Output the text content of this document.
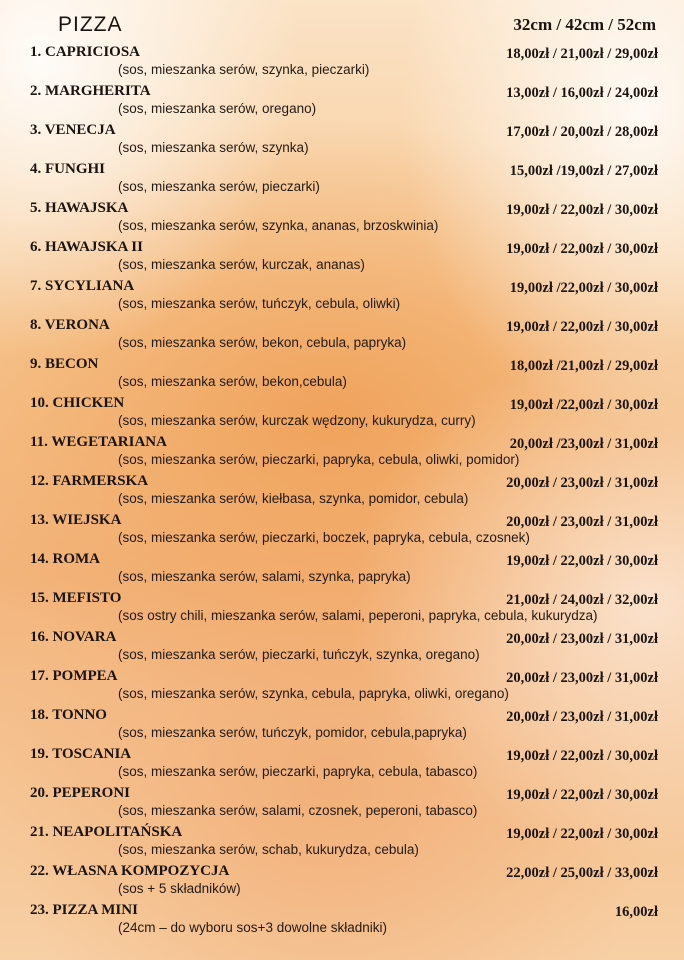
PIZZA	32cm / 42cm / 52cm
1. CAPRICIOSA
(sos, mieszanka serów, szynka, pieczarki)
18,00zł / 21,00zł / 29,00zł
2. MARGHERITA
(sos, mieszanka serów, oregano)
13,00zł / 16,00zł / 24,00zł
3. VENECJA
(sos, mieszanka serów, szynka)
17,00zł / 20,00zł / 28,00zł
4. FUNGHI
(sos, mieszanka serów, pieczarki)
15,00zł /19,00zł / 27,00zł
5. HAWAJSKA
(sos, mieszanka serów, szynka, ananas, brzoskwinia)
19,00zł / 22,00zł / 30,00zł
6. HAWAJSKA II
(sos, mieszanka serów, kurczak, ananas)
19,00zł / 22,00zł / 30,00zł
7. SYCYLIANA
(sos, mieszanka serów, tuńczyk, cebula, oliwki)
19,00zł /22,00zł / 30,00zł
8. VERONA
(sos, mieszanka serów, bekon, cebula, papryka)
19,00zł / 22,00zł / 30,00zł
9. BECON
(sos, mieszanka serów, bekon,cebula)
18,00zł /21,00zł / 29,00zł
10. CHICKEN
(sos, mieszanka serów, kurczak wędzony, kukurydza, curry)
19,00zł /22,00zł / 30,00zł
11. WEGETARIANA
(sos, mieszanka serów, pieczarki, papryka, cebula, oliwki, pomidor)
20,00zł /23,00zł / 31,00zł
12. FARMERSKA
(sos, mieszanka serów, kiełbasa, szynka, pomidor, cebula)
20,00zł / 23,00zł / 31,00zł
13. WIEJSKA
(sos, mieszanka serów, pieczarki, boczek, papryka, cebula, czosnek)
20,00zł / 23,00zł / 31,00zł
14. ROMA
(sos, mieszanka serów, salami, szynka, papryka)
19,00zł / 22,00zł / 30,00zł
15. MEFISTO
(sos ostry chili, mieszanka serów, salami, peperoni, papryka, cebula, kukurydza)
21,00zł / 24,00zł / 32,00zł
16. NOVARA
(sos, mieszanka serów, pieczarki, tuńczyk, szynka, oregano)
20,00zł / 23,00zł / 31,00zł
17. POMPEA
(sos, mieszanka serów, szynka, cebula, papryka, oliwki, oregano)
20,00zł / 23,00zł / 31,00zł
18. TONNO
(sos, mieszanka serów, tuńczyk, pomidor, cebula,papryka)
20,00zł / 23,00zł / 31,00zł
19. TOSCANIA
(sos, mieszanka serów, pieczarki, papryka, cebula, tabasco)
19,00zł / 22,00zł / 30,00zł
20. PEPERONI
(sos, mieszanka serów, salami, czosnek, peperoni, tabasco)
19,00zł / 22,00zł / 30,00zł
21. NEAPOLITAŃSKA
(sos, mieszanka serów, schab, kukurydza, cebula)
19,00zł / 22,00zł / 30,00zł
22. WŁASNA KOMPOZYCJA
(sos + 5 składników)
22,00zł / 25,00zł / 33,00zł
23. PIZZA MINI
(24cm – do wyboru sos+3 dowolne składniki)
16,00zł
